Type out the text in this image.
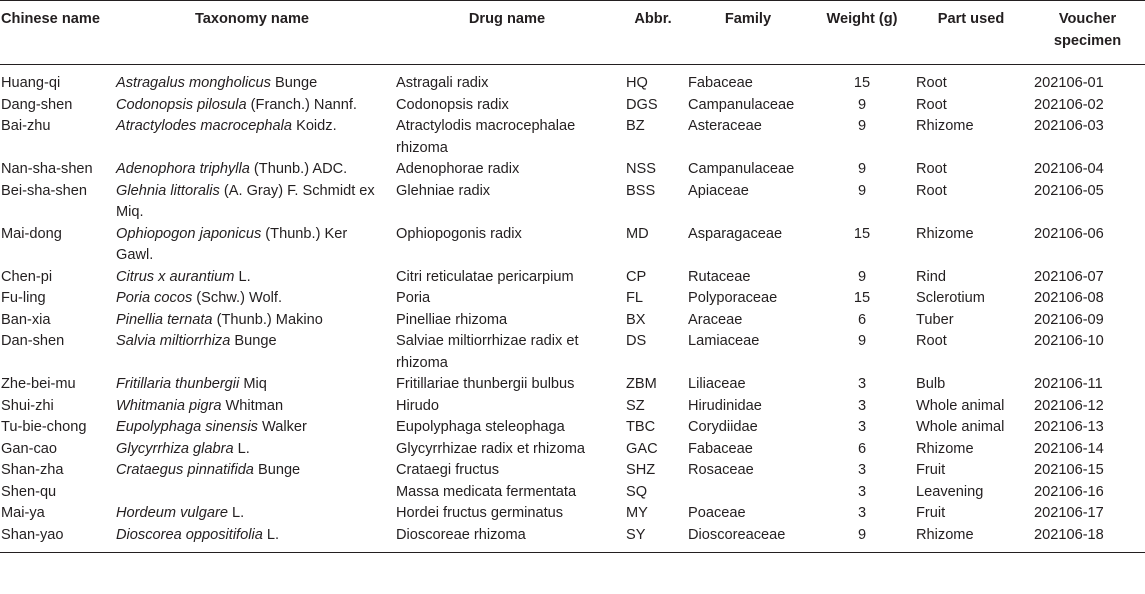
Chinese name	Taxonomy name	Drug name	Abbr.	Family	Weight (g)	Part used	Voucher specimen
Huang-qi	Astragalus mongholicus Bunge	Astragali radix	HQ	Fabaceae	15	Root	202106-01
Dang-shen	Codonopsis pilosula (Franch.) Nannf.	Codonopsis radix	DGS	Campanulaceae	9	Root	202106-02
Bai-zhu	Atractylodes macrocephala Koidz.	Atractylodis macrocephalae rhizoma	BZ	Asteraceae	9	Rhizome	202106-03
Nan-sha-shen	Adenophora triphylla (Thunb.) ADC.	Adenophorae radix	NSS	Campanulaceae	9	Root	202106-04
Bei-sha-shen	Glehnia littoralis (A. Gray) F. Schmidt ex Miq.	Glehniae radix	BSS	Apiaceae	9	Root	202106-05
Mai-dong	Ophiopogon japonicus (Thunb.) Ker Gawl.	Ophiopogonis radix	MD	Asparagaceae	15	Rhizome	202106-06
Chen-pi	Citrus x aurantium L.	Citri reticulatae pericarpium	CP	Rutaceae	9	Rind	202106-07
Fu-ling	Poria cocos (Schw.) Wolf.	Poria	FL	Polyporaceae	15	Sclerotium	202106-08
Ban-xia	Pinellia ternata (Thunb.) Makino	Pinelliae rhizoma	BX	Araceae	6	Tuber	202106-09
Dan-shen	Salvia miltiorrhiza Bunge	Salviae miltiorrhizae radix et rhizoma	DS	Lamiaceae	9	Root	202106-10
Zhe-bei-mu	Fritillaria thunbergii Miq	Fritillariae thunbergii bulbus	ZBM	Liliaceae	3	Bulb	202106-11
Shui-zhi	Whitmania pigra Whitman	Hirudo	SZ	Hirudinidae	3	Whole animal	202106-12
Tu-bie-chong	Eupolyphaga sinensis Walker	Eupolyphaga steleophaga	TBC	Corydiidae	3	Whole animal	202106-13
Gan-cao	Glycyrrhiza glabra L.	Glycyrrhizae radix et rhizoma	GAC	Fabaceae	6	Rhizome	202106-14
Shan-zha	Crataegus pinnatifida Bunge	Crataegi fructus	SHZ	Rosaceae	3	Fruit	202106-15
Shen-qu		Massa medicata fermentata	SQ		3	Leavening	202106-16
Mai-ya	Hordeum vulgare L.	Hordei fructus germinatus	MY	Poaceae	3	Fruit	202106-17
Shan-yao	Dioscorea oppositifolia L.	Dioscoreae rhizoma	SY	Dioscoreaceae	9	Rhizome	202106-18
